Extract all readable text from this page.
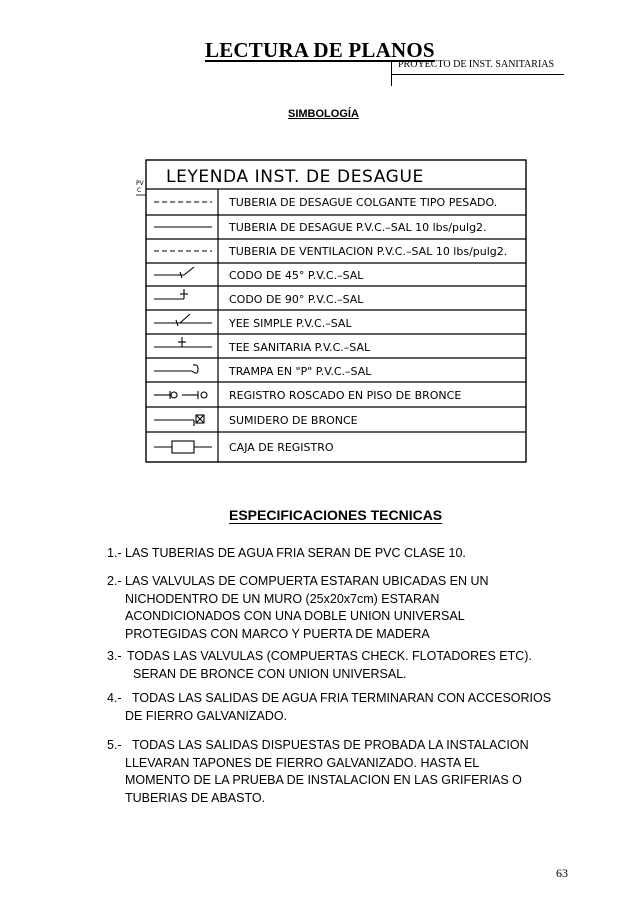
LECTURA DE PLANOS
PROYECTO DE INST. SANITARIAS
SIMBOLOGÍA
PV
C
LEYENDA INST. DE DESAGUE
TUBERIA DE DESAGUE COLGANTE TIPO PESADO.
TUBERIA DE DESAGUE P.V.C.–SAL 10 lbs/pulg2.
TUBERIA DE VENTILACION P.V.C.–SAL 10 lbs/pulg2.
CODO DE 45° P.V.C.–SAL
CODO DE 90° P.V.C.–SAL
YEE SIMPLE P.V.C.–SAL
TEE SANITARIA P.V.C.–SAL
TRAMPA EN "P" P.V.C.–SAL
REGISTRO ROSCADO EN PISO DE BRONCE
SUMIDERO DE BRONCE
CAJA DE REGISTRO
ESPECIFICACIONES TECNICAS
1.- LAS TUBERIAS DE AGUA FRIA SERAN DE PVC CLASE 10.
2.- LAS VALVULAS DE COMPUERTA ESTARAN UBICADAS EN UN
NICHODENTRO DE UN MURO (25x20x7cm) ESTARAN
ACONDICIONADOS CON UNA DOBLE UNION UNIVERSAL
PROTEGIDAS CON MARCO Y PUERTA DE MADERA
3.- TODAS LAS VALVULAS (COMPUERTAS CHECK. FLOTADORES ETC).
SERAN DE BRONCE CON UNION UNIVERSAL.
4.- TODAS LAS SALIDAS DE AGUA FRIA TERMINARAN CON ACCESORIOS
DE FIERRO GALVANIZADO.
5.- TODAS LAS SALIDAS DISPUESTAS DE PROBADA LA INSTALACION
LLEVARAN TAPONES DE FIERRO GALVANIZADO. HASTA EL
MOMENTO DE LA PRUEBA DE INSTALACION EN LAS GRIFERIAS O
TUBERIAS DE ABASTO.
63
